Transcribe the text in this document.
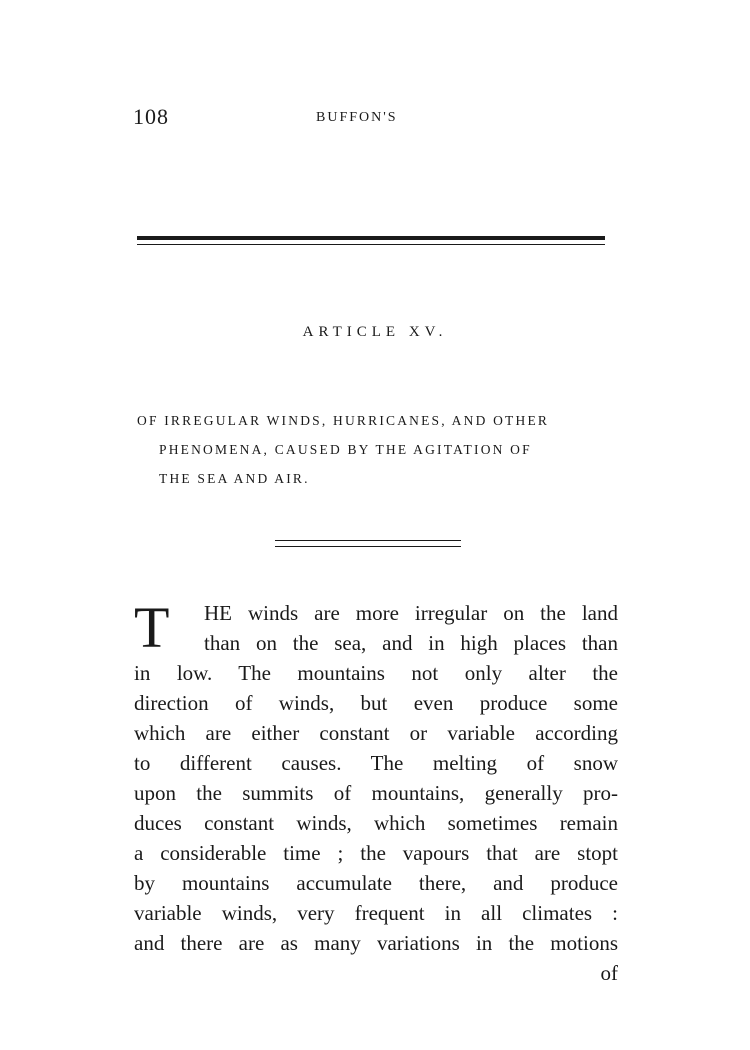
108	BUFFON'S
ARTICLE XV.
OF IRREGULAR WINDS, HURRICANES, AND OTHER
PHENOMENA, CAUSED BY THE AGITATION OF
THE SEA AND AIR.
T HE winds are more irregular on the land
than on the sea, and in high places than
in low. The mountains not only alter the
direction of winds, but even produce some
which are either constant or variable according
to different causes. The melting of snow
upon the summits of mountains, generally pro-
duces constant winds, which sometimes remain
a considerable time ; the vapours that are stopt
by mountains accumulate there, and produce
variable winds, very frequent in all climates :
and there are as many variations in the motions
of
